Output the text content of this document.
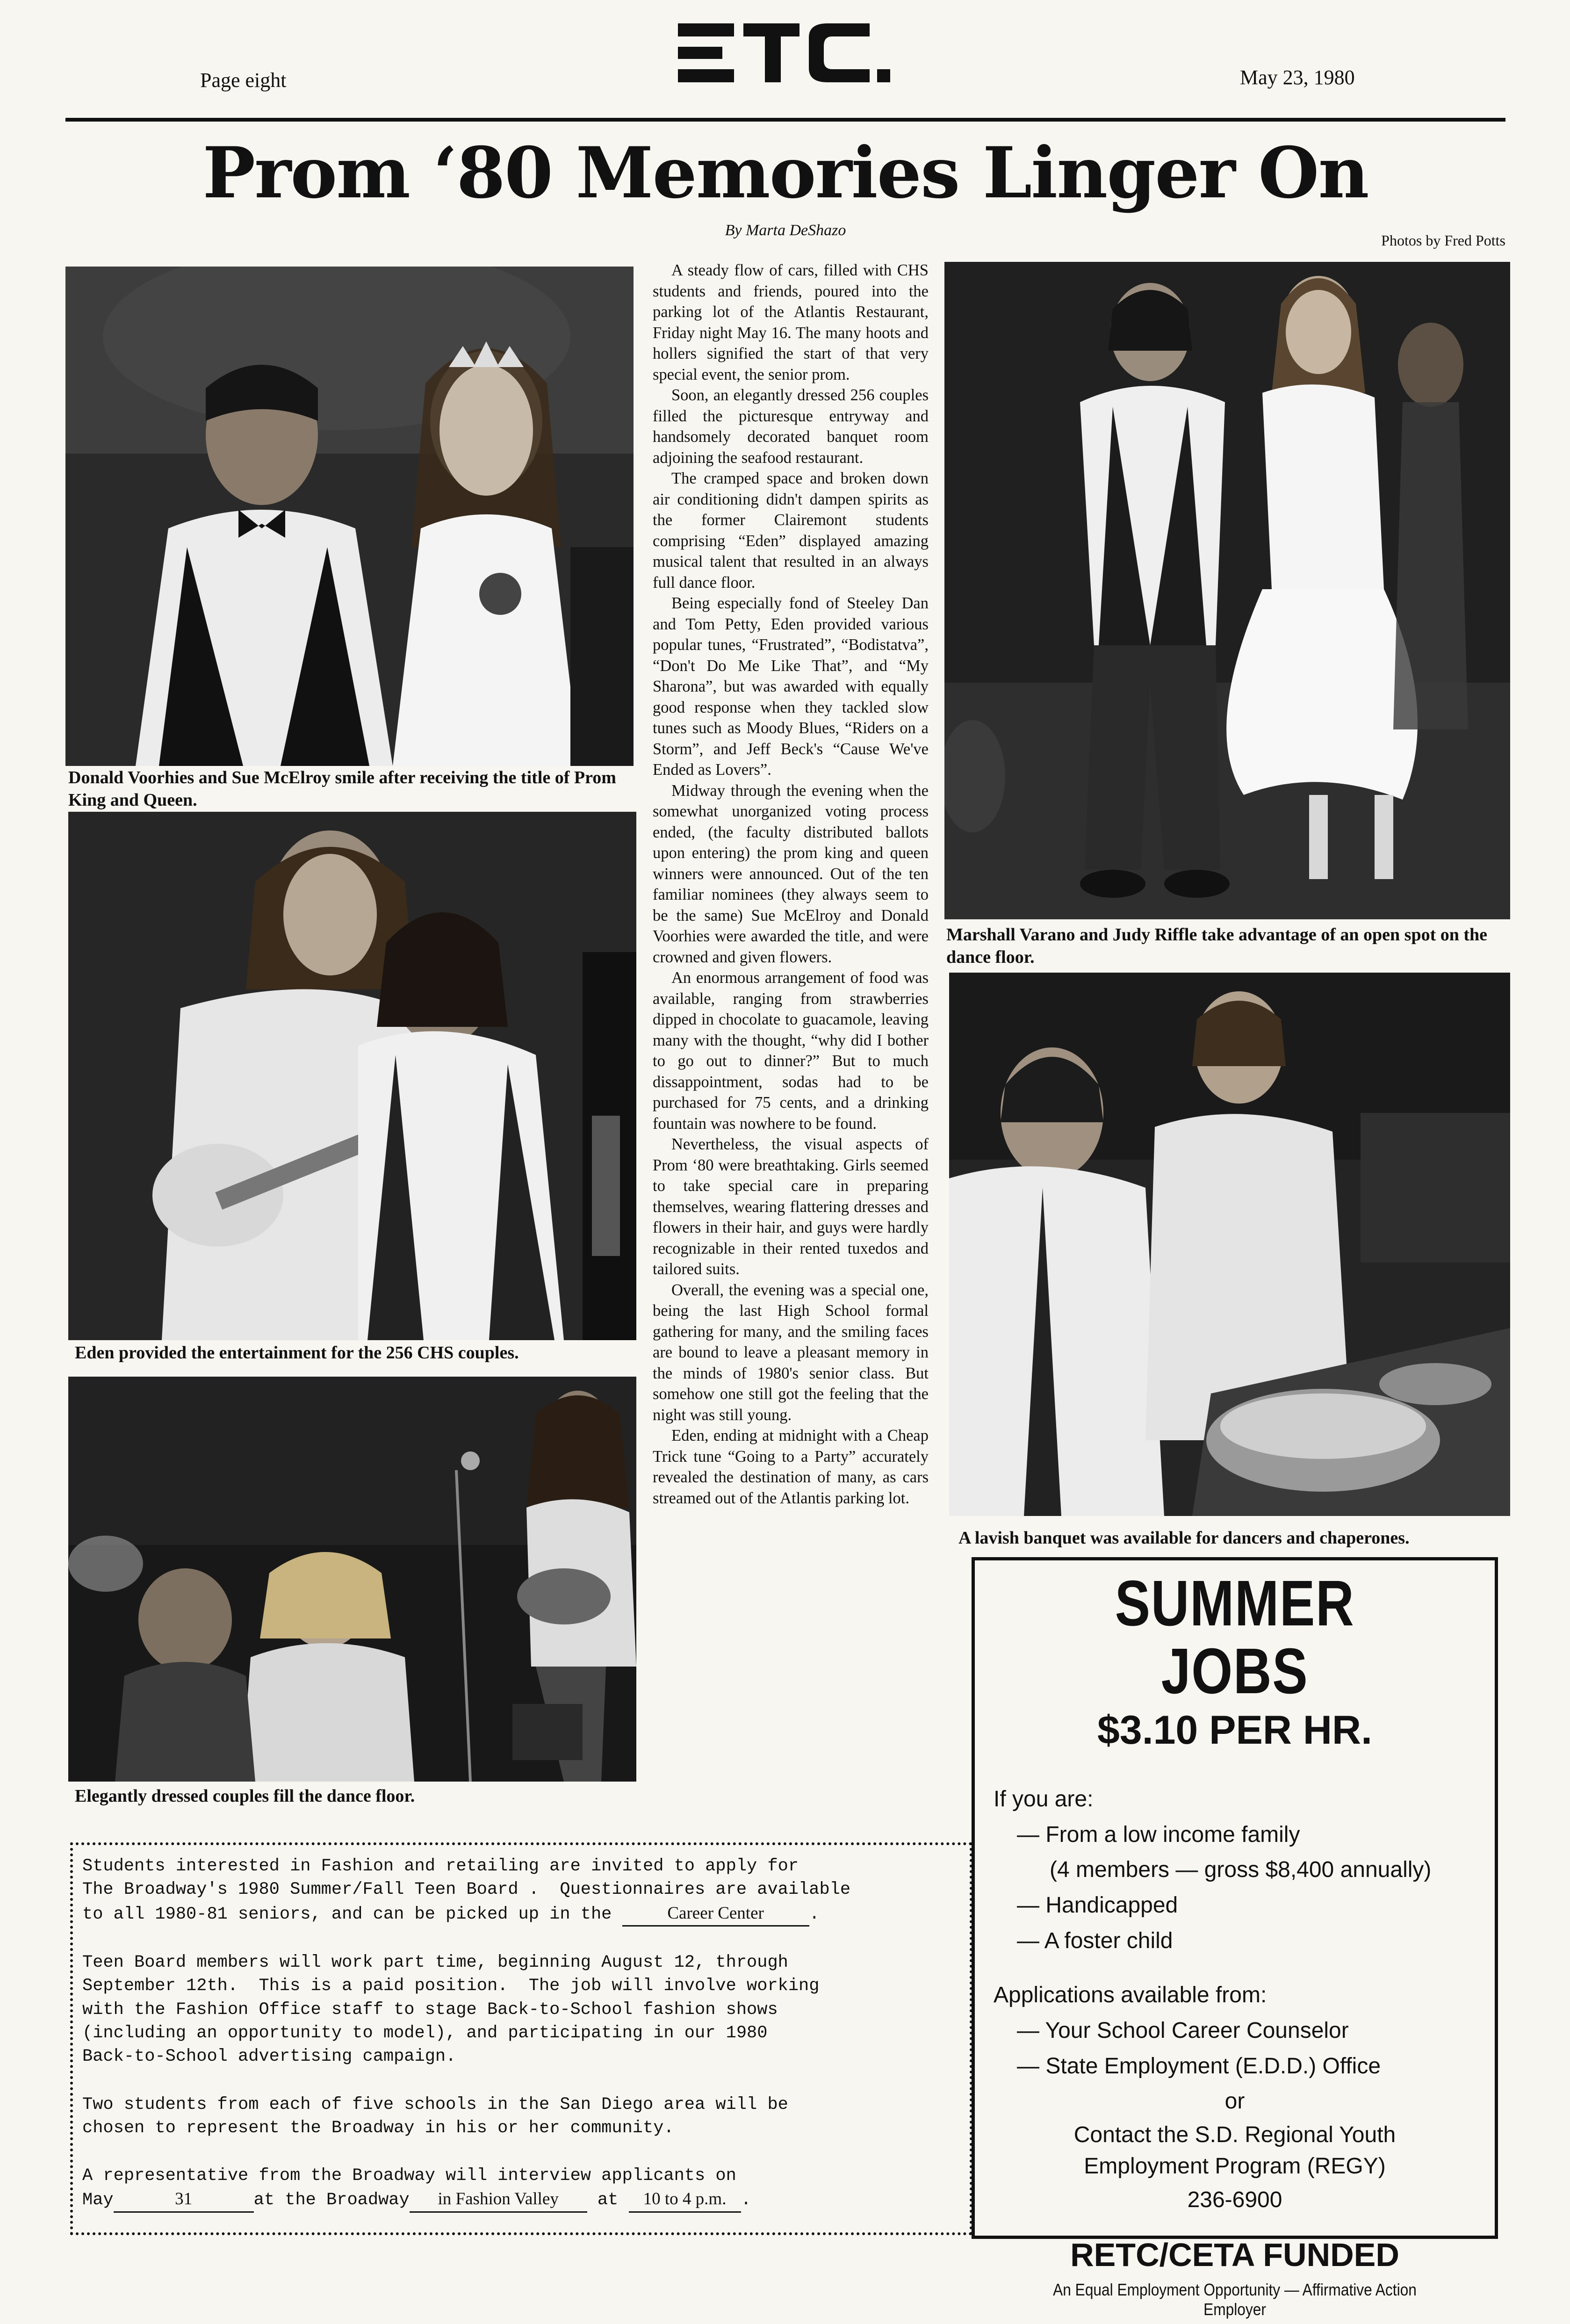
Page eight	May 23, 1980
Prom ‘80 Memories Linger On
By Marta DeShazo
Photos by Fred Potts
Donald Voorhies and Sue McElroy smile after receiving the title of Prom King and Queen.
Eden provided the entertainment for the 256 CHS couples.
Elegantly dressed couples fill the dance floor.

A steady flow of cars, filled with CHS students and friends, poured into the parking lot of the Atlantis Restaurant, Friday night May 16. The many hoots and hollers signified the start of that very special event, the senior prom.

Soon, an elegantly dressed 256 couples filled the picturesque entryway and handsomely decorated banquet room adjoining the seafood restaurant.

The cramped space and broken down air conditioning didn't dampen spirits as the former Clairemont students comprising “Eden” displayed amazing musical talent that resulted in an always full dance floor.

Being especially fond of Steeley Dan and Tom Petty, Eden provided various popular tunes, “Frustrated”, “Bodistatva”, “Don't Do Me Like That”, and “My Sharona”, but was awarded with equally good response when they tackled slow tunes such as Moody Blues, “Riders on a Storm”, and Jeff Beck's “Cause We've Ended as Lovers”.

Midway through the evening when the somewhat unorganized voting process ended, (the faculty distributed ballots upon entering) the prom king and queen winners were announced. Out of the ten familiar nominees (they always seem to be the same) Sue McElroy and Donald Voorhies were awarded the title, and were crowned and given flowers.

An enormous arrangement of food was available, ranging from strawberries dipped in chocolate to guacamole, leaving many with the thought, “why did I bother to go out to dinner?” But to much dissappointment, sodas had to be purchased for 75 cents, and a drinking fountain was nowhere to be found.

Nevertheless, the visual aspects of Prom ‘80 were breathtaking. Girls seemed to take special care in preparing themselves, wearing flattering dresses and flowers in their hair, and guys were hardly recognizable in their rented tuxedos and tailored suits.

Overall, the evening was a special one, being the last High School formal gathering for many, and the smiling faces are bound to leave a pleasant memory in the minds of 1980's senior class. But somehow one still got the feeling that the night was still young.

Eden, ending at midnight with a Cheap Trick tune “Going to a Party” accurately revealed the destination of many, as cars streamed out of the Atlantis parking lot.

Marshall Varano and Judy Riffle take advantage of an open spot on the dance floor.
A lavish banquet was available for dancers and chaperones.

Students interested in Fashion and retailing are invited to apply for
The Broadway's 1980 Summer/Fall Teen Board .  Questionnaires are available
to all 1980-81 seniors, and can be picked up in the	Career Center	.

Teen Board members will work part time, beginning August 12, through
September 12th.  This is a paid position.  The job will involve working
with the Fashion Office staff to stage Back-to-School fashion shows
(including an opportunity to model), and participating in our 1980
Back-to-School advertising campaign.

Two students from each of five schools in the San Diego area will be
chosen to represent the Broadway in his or her community.

A representative from the Broadway will interview applicants on
May	31	at the Broadway in Fashion Valley at 10 to 4 p.m. .

SUMMER JOBS
$3.10 PER HR.
If you are:
— From a low income family
(4 members — gross $8,400 annually)
— Handicapped
— A foster child
Applications available from:
— Your School Career Counselor
— State Employment (E.D.D.) Office
or
Contact the S.D. Regional Youth Employment Program (REGY)
236-6900
RETC/CETA FUNDED
An Equal Employment Opportunity — Affirmative Action Employer
